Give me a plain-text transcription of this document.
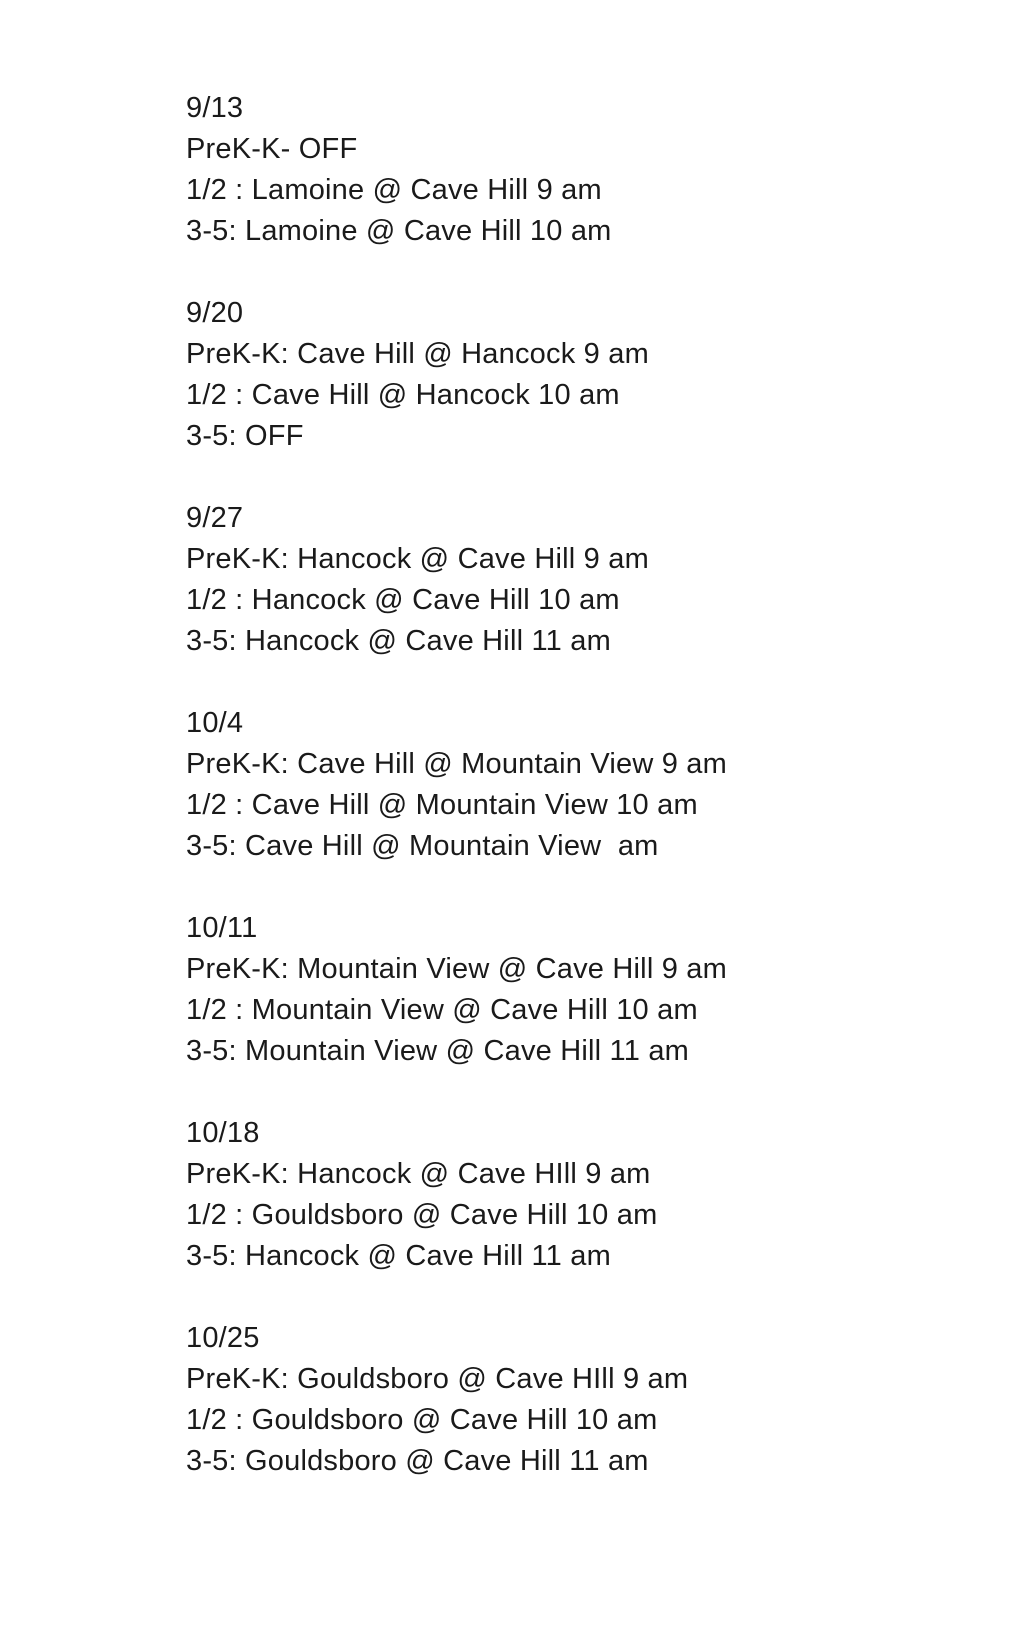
9/13
PreK-K- OFF
1/2 : Lamoine @ Cave Hill 9 am
3-5: Lamoine @ Cave Hill 10 am
9/20
PreK-K: Cave Hill @ Hancock 9 am
1/2 : Cave Hill @ Hancock 10 am
3-5: OFF
9/27
PreK-K: Hancock @ Cave Hill 9 am
1/2 : Hancock @ Cave Hill 10 am
3-5: Hancock @ Cave Hill 11 am
10/4
PreK-K: Cave Hill @ Mountain View 9 am
1/2 : Cave Hill @ Mountain View 10 am
3-5: Cave Hill @ Mountain View  am
10/11
PreK-K: Mountain View @ Cave Hill 9 am
1/2 : Mountain View @ Cave Hill 10 am
3-5: Mountain View @ Cave Hill 11 am
10/18
PreK-K: Hancock @ Cave HIll 9 am
1/2 : Gouldsboro @ Cave Hill 10 am
3-5: Hancock @ Cave Hill 11 am
10/25
PreK-K: Gouldsboro @ Cave HIll 9 am
1/2 : Gouldsboro @ Cave Hill 10 am
3-5: Gouldsboro @ Cave Hill 11 am
